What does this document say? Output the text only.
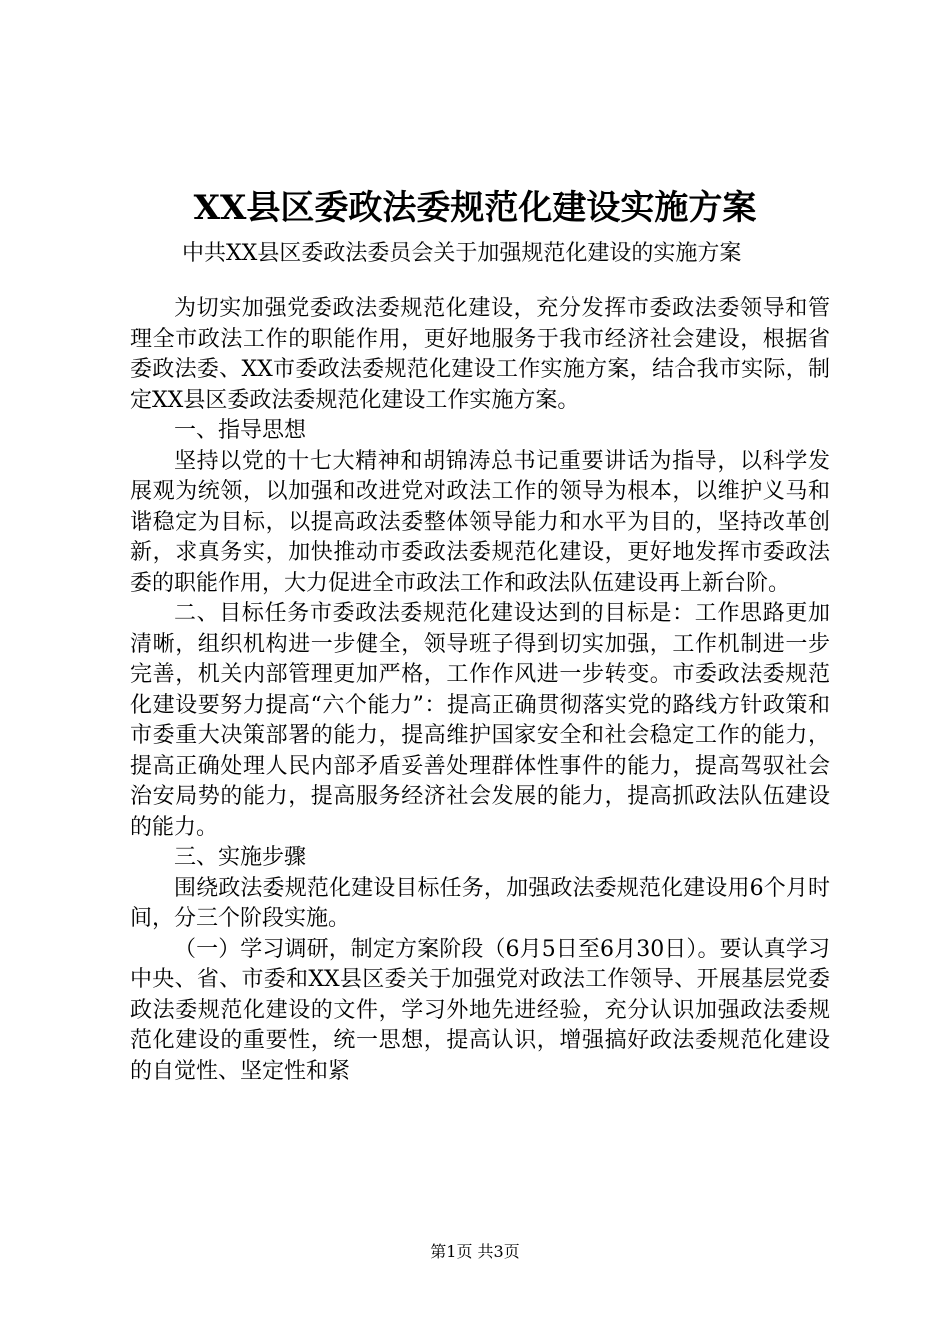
XX县区委政法委规范化建设实施方案
中共XX县区委政法委员会关于加强规范化建设的实施方案

为切实加强党委政法委规范化建设，充分发挥市委政法委领导和管理全市政法工作的职能作用，更好地服务于我市经济社会建设，根据省委政法委、XX市委政法委规范化建设工作实施方案，结合我市实际，制定XX县区委政法委规范化建设工作实施方案。

一、指导思想

坚持以党的十七大精神和胡锦涛总书记重要讲话为指导，以科学发展观为统领，以加强和改进党对政法工作的领导为根本，以维护义马和谐稳定为目标，以提高政法委整体领导能力和水平为目的，坚持改革创新，求真务实，加快推动市委政法委规范化建设，更好地发挥市委政法委的职能作用，大力促进全市政法工作和政法队伍建设再上新台阶。

二、目标任务市委政法委规范化建设达到的目标是：工作思路更加清晰，组织机构进一步健全，领导班子得到切实加强，工作机制进一步完善，机关内部管理更加严格，工作作风进一步转变。市委政法委规范化建设要努力提高“六个能力”：提高正确贯彻落实党的路线方针政策和市委重大决策部署的能力，提高维护国家安全和社会稳定工作的能力，提高正确处理人民内部矛盾妥善处理群体性事件的能力，提高驾驭社会治安局势的能力，提高服务经济社会发展的能力，提高抓政法队伍建设的能力。

三、实施步骤

围绕政法委规范化建设目标任务，加强政法委规范化建设用6个月时间，分三个阶段实施。

（一）学习调研，制定方案阶段（6月5日至6月30日）。要认真学习中央、省、市委和XX县区委关于加强党对政法工作领导、开展基层党委政法委规范化建设的文件，学习外地先进经验，充分认识加强政法委规范化建设的重要性，统一思想，提高认识，增强搞好政法委规范化建设的自觉性、坚定性和紧

第1页 共3页
